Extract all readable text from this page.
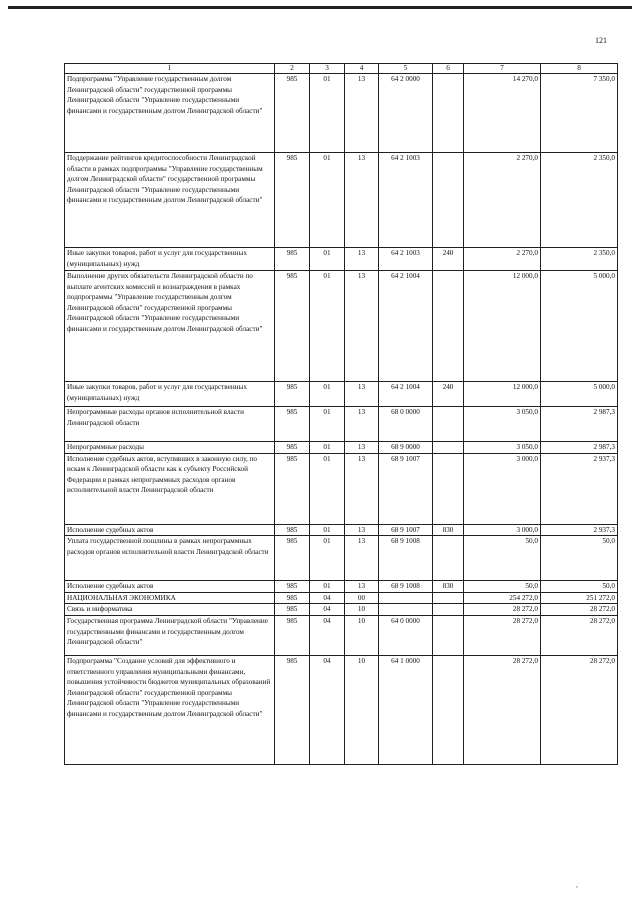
121
1	2	3	4	5	6	7	8
Подпрограмма "Управление государственным долгом Ленинградской области" государственной программы Ленинградской области "Управление государственными финансами и государственным долгом Ленинградской области"	985	01	13	64 2 0000		14 270,0	7 350,0
Поддержание рейтингов кредитоспособности Ленинградской области в рамках подпрограммы "Управление государственным долгом Ленинградской области" государственной программы Ленинградской области "Управление государственными финансами и государственным долгом Ленинградской области"	985	01	13	64 2 1003		2 270,0	2 350,0
Иные закупки товаров, работ и услуг для государственных (муниципальных) нужд	985	01	13	64 2 1003	240	2 270,0	2 350,0
Выполнение других обязательств Ленинградской области по выплате агентских комиссий и вознаграждения в рамках подпрограммы "Управление государственным долгом Ленинградской области" государственной программы Ленинградской области "Управление государственными финансами и государственным долгом Ленинградской области"	985	01	13	64 2 1004		12 000,0	5 000,0
Иные закупки товаров, работ и услуг для государственных (муниципальных) нужд	985	01	13	64 2 1004	240	12 000,0	5 000,0
Непрограммные расходы органов исполнительной власти Ленинградской области	985	01	13	68 0 0000		3 050,0	2 987,3
Непрограммные расходы	985	01	13	68 9 0000		3 050,0	2 987,3
Исполнение судебных актов, вступивших в законную силу, по искам к Ленинградской области как к субъекту Российской Федерации в рамках непрограммных расходов органов исполнительной власти Ленинградской области	985	01	13	68 9 1007		3 000,0	2 937,3
Исполнение судебных актов	985	01	13	68 9 1007	830	3 000,0	2 937,3
Уплата государственной пошлины в рамках непрограммных расходов органов исполнительной власти Ленинградской области	985	01	13	68 9 1008		50,0	50,0
Исполнение судебных актов	985	01	13	68 9 1008	830	50,0	50,0
НАЦИОНАЛЬНАЯ ЭКОНОМИКА	985	04	00			254 272,0	251 272,0
Связь и информатика	985	04	10			28 272,0	28 272,0
Государственная программа Ленинградской области "Управление государственными финансами и государственным долгом Ленинградской области"	985	04	10	64 0 0000		28 272,0	28 272,0
Подпрограмма "Создание условий для эффективного и ответственного управления муниципальными финансами, повышения устойчивости бюджетов муниципальных образований Ленинградской области" государственной программы Ленинградской области "Управление государственными финансами и государственным долгом Ленинградской области"	985	04	10	64 1 0000		28 272,0	28 272,0
,
